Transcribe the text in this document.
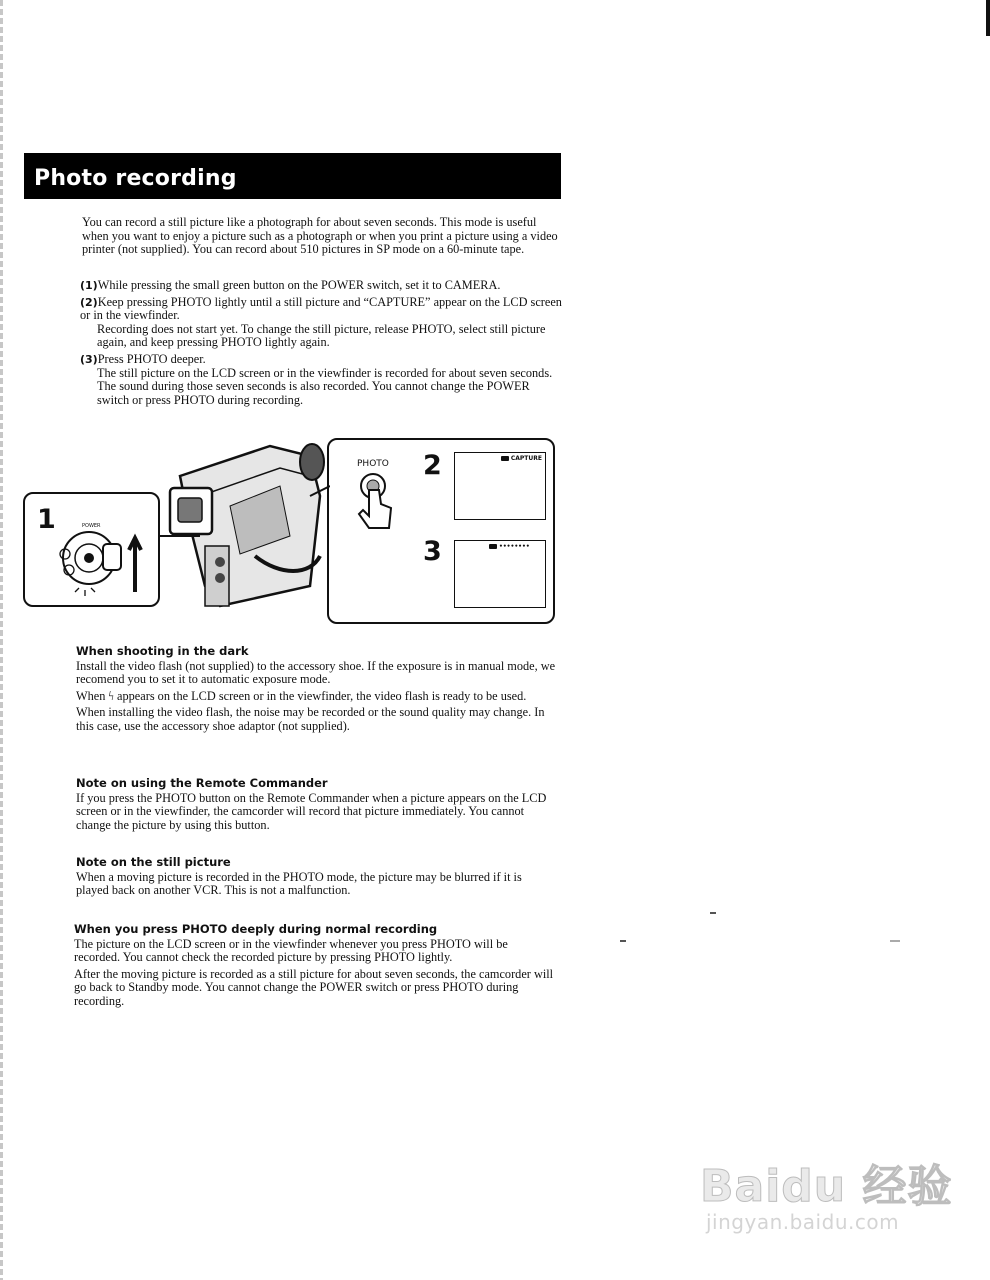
Photo recording
You can record a still picture like a photograph for about seven seconds. This mode is useful when you want to enjoy a picture such as a photograph or when you print a picture using a video printer (not supplied). You can record about 510 pictures in SP mode on a 60-minute tape.
(1)While pressing the small green button on the POWER switch, set it to CAMERA.
(2)Keep pressing PHOTO lightly until a still picture and “CAPTURE” appear on the LCD screen or in the viewfinder.
Recording does not start yet. To change the still picture, release PHOTO, select still picture again, and keep pressing PHOTO lightly again.
(3)Press PHOTO deeper.
The still picture on the LCD screen or in the viewfinder is recorded for about seven seconds. The sound during those seven seconds is also recorded. You cannot change the POWER switch or press PHOTO during recording.
1	POWER
2
3
CAPTURE
••••••••
PHOTO
When shooting in the dark

Install the video flash (not supplied) to the accessory shoe. If the exposure is in manual mode, we recomend you to set it to automatic exposure mode.

When ϟ appears on the LCD screen or in the viewfinder, the video flash is ready to be used.

When installing the video flash, the noise may be recorded or the sound quality may change. In this case, use the accessory shoe adaptor (not supplied).

Note on using the Remote Commander

If you press the PHOTO button on the Remote Commander when a picture appears on the LCD screen or in the viewfinder, the camcorder will record that picture immediately. You cannot change the picture by using this button.

Note on the still picture

When a moving picture is recorded in the PHOTO mode, the picture may be blurred if it is played back on another VCR. This is not a malfunction.

When you press PHOTO deeply during normal recording

The picture on the LCD screen or in the viewfinder whenever you press PHOTO will be recorded. You cannot check the recorded picture by pressing PHOTO lightly.

After the moving picture is recorded as a still picture for about seven seconds, the camcorder will go back to Standby mode. You cannot change the POWER switch or press PHOTO during recording.

Baidu 经验
jingyan.baidu.com
